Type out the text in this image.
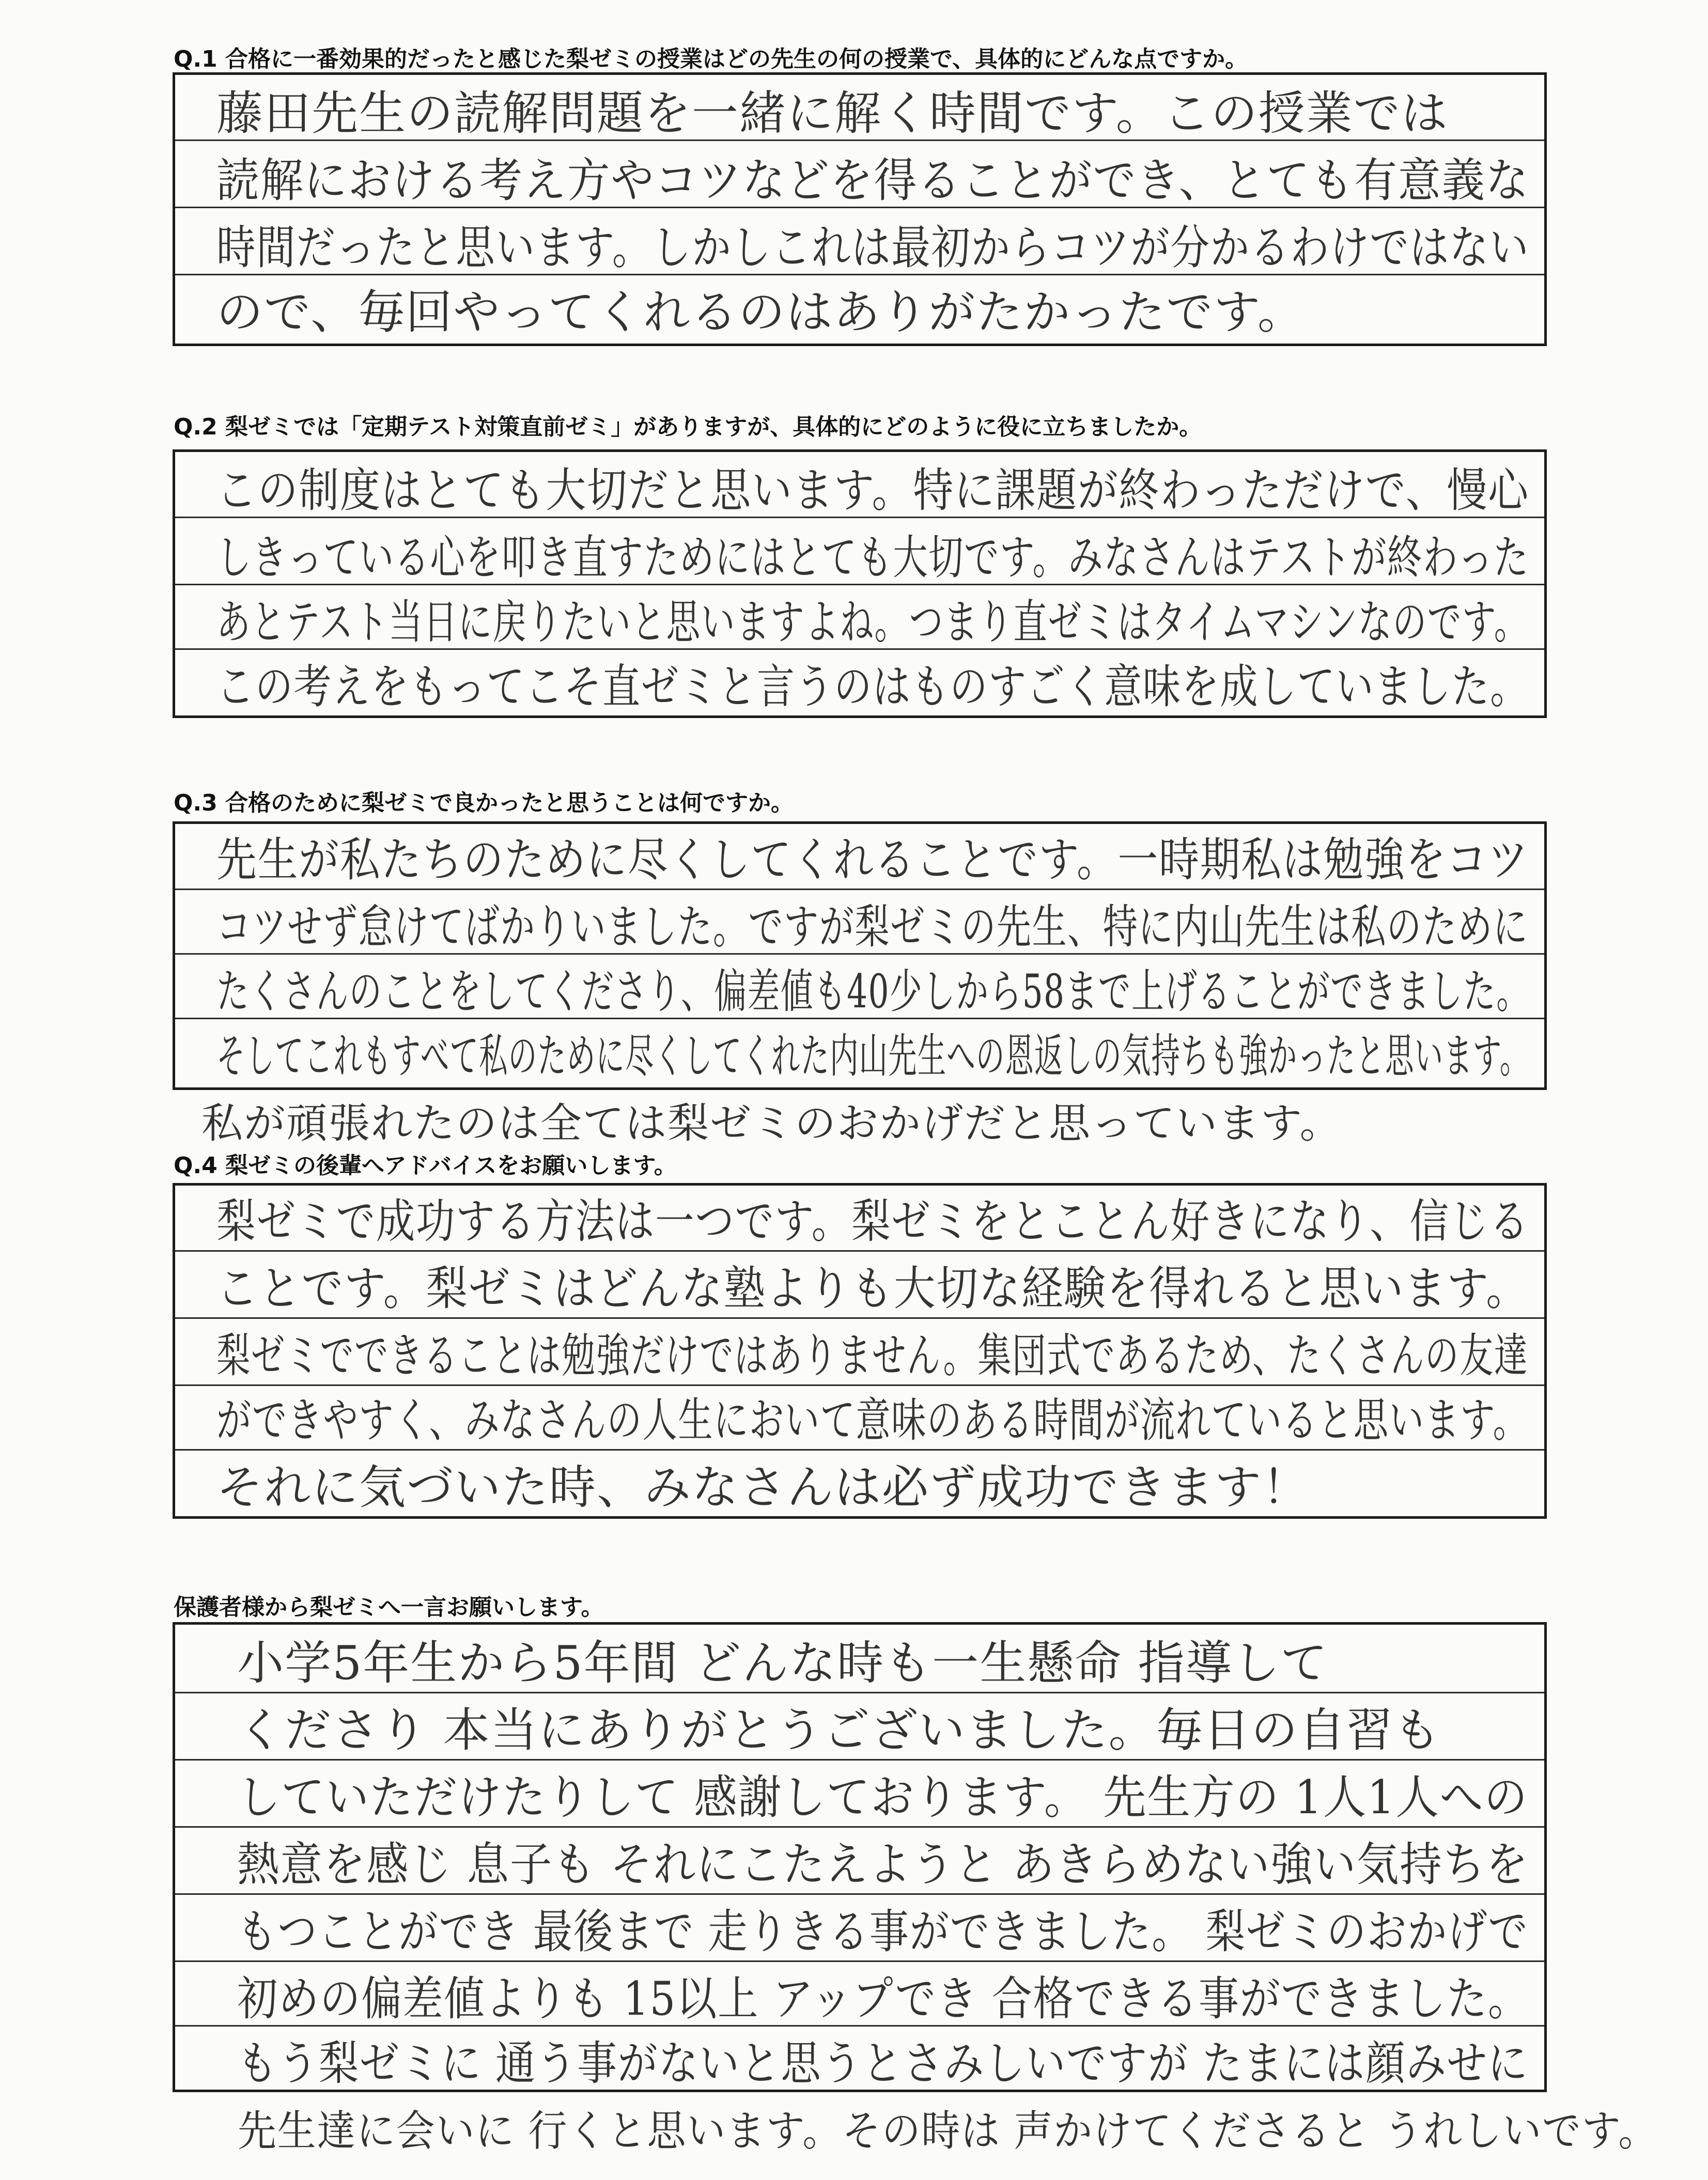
Q.1 合格に一番効果的だったと感じた梨ゼミの授業はどの先生の何の授業で、具体的にどんな点ですか。
藤田先生の読解問題を一緒に解く時間です。この授業では
読解における考え方やコツなどを得ることができ、とても有意義な
時間だったと思います。しかしこれは最初からコツが分かるわけではない
ので、毎回やってくれるのはありがたかったです。
Q.2 梨ゼミでは「定期テスト対策直前ゼミ」がありますが、具体的にどのように役に立ちましたか。
この制度はとても大切だと思います。特に課題が終わっただけで、慢心
しきっている心を叩き直すためにはとても大切です。みなさんはテストが終わった
あとテスト当日に戻りたいと思いますよね。つまり直ゼミはタイムマシンなのです。
この考えをもってこそ直ゼミと言うのはものすごく意味を成していました。
Q.3 合格のために梨ゼミで良かったと思うことは何ですか。
先生が私たちのために尽くしてくれることです。一時期私は勉強をコツ
コツせず怠けてばかりいました。ですが梨ゼミの先生、特に内山先生は私のために
たくさんのことをしてくださり、偏差値も40少しから58まで上げることができました。
そしてこれもすべて私のために尽くしてくれた内山先生への恩返しの気持ちも強かったと思います。
私が頑張れたのは全ては梨ゼミのおかげだと思っています。
Q.4 梨ゼミの後輩へアドバイスをお願いします。
梨ゼミで成功する方法は一つです。梨ゼミをとことん好きになり、信じる
ことです。梨ゼミはどんな塾よりも大切な経験を得れると思います。
梨ゼミでできることは勉強だけではありません。集団式であるため、たくさんの友達
ができやすく、みなさんの人生において意味のある時間が流れていると思います。
それに気づいた時、みなさんは必ず成功できます！
保護者様から梨ゼミへ一言お願いします。
小学5年生から5年間 どんな時も一生懸命 指導して
くださり 本当にありがとうございました。毎日の自習も
していただけたりして 感謝しております。 先生方の 1人1人への
熱意を感じ 息子も それにこたえようと あきらめない強い気持ちを
もつことができ 最後まで 走りきる事ができました。 梨ゼミのおかげで
初めの偏差値よりも 15以上 アップでき 合格できる事ができました。
もう梨ゼミに 通う事がないと思うとさみしいですが たまには顔みせに
先生達に会いに 行くと思います。その時は 声かけてくださると うれしいです。
